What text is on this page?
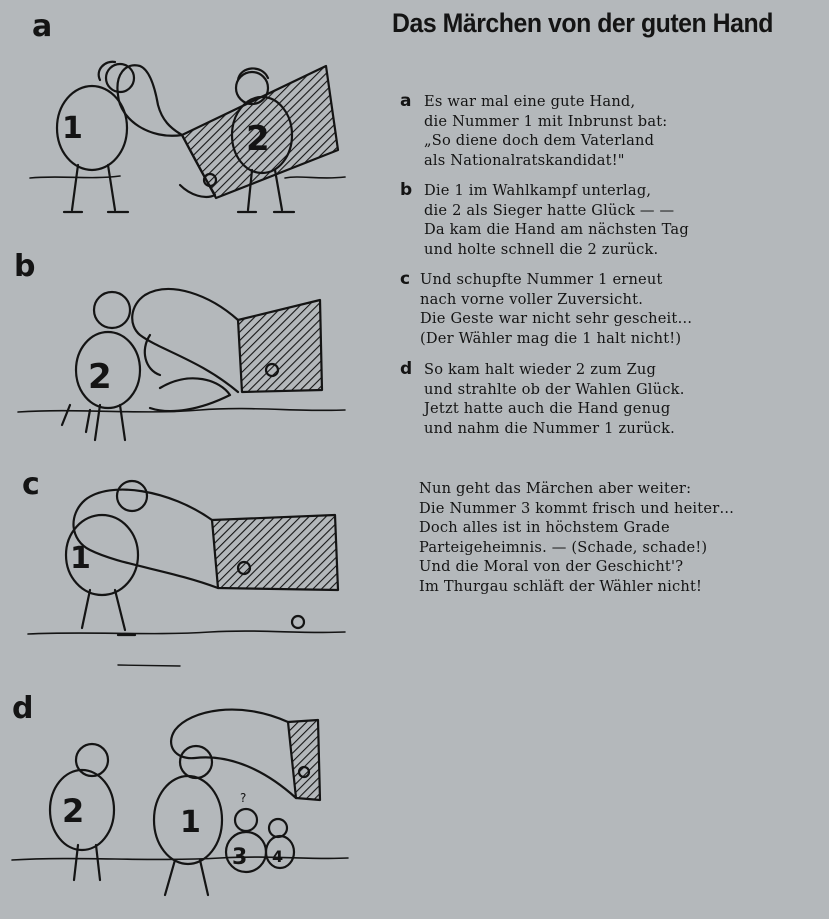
a
1	2
b
2
c
1
d
2	1
3 4
?
Das Märchen von der guten Hand
a Es war mal eine gute Hand,
die Nummer 1 mit Inbrunst bat:
„So diene doch dem Vaterland
als Nationalratskandidat!"
b Die 1 im Wahlkampf unterlag,
die 2 als Sieger hatte Glück — —
Da kam die Hand am nächsten Tag
und holte schnell die 2 zurück.
c Und schupfte Nummer 1 erneut
nach vorne voller Zuversicht.
Die Geste war nicht sehr gescheit…
(Der Wähler mag die 1 halt nicht!)
d So kam halt wieder 2 zum Zug
und strahlte ob der Wahlen Glück.
Jetzt hatte auch die Hand genug
und nahm die Nummer 1 zurück.
Nun geht das Märchen aber weiter:
Die Nummer 3 kommt frisch und heiter…
Doch alles ist in höchstem Grade
Parteigeheimnis. — (Schade, schade!)
Und die Moral von der Geschicht'?
Im Thurgau schläft der Wähler nicht!
